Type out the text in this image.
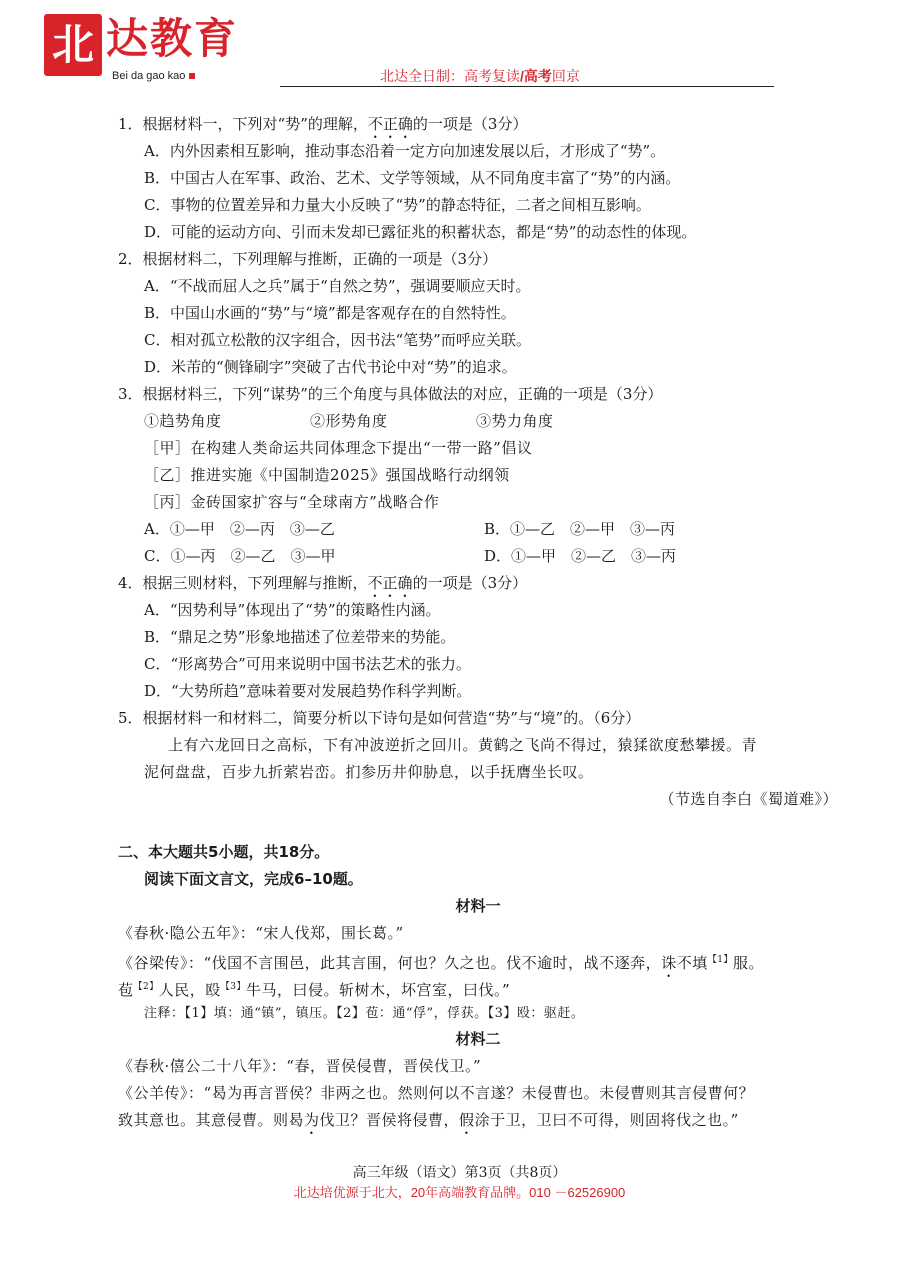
北 达教育
Bei da gao kao	北达全日制：高考复读/高考回京
1．根据材料一，下列对“势”的理解，不正确的一项是（3分）
A．内外因素相互影响，推动事态沿着一定方向加速发展以后，才形成了“势”。
B．中国古人在军事、政治、艺术、文学等领域，从不同角度丰富了“势”的内涵。
C．事物的位置差异和力量大小反映了“势”的静态特征，二者之间相互影响。
D．可能的运动方向、引而未发却已露征兆的积蓄状态，都是“势”的动态性的体现。
2．根据材料二，下列理解与推断，正确的一项是（3分）
A．“不战而屈人之兵”属于“自然之势”，强调要顺应天时。
B．中国山水画的“势”与“境”都是客观存在的自然特性。
C．相对孤立松散的汉字组合，因书法“笔势”而呼应关联。
D．米芾的“侧锋刷字”突破了古代书论中对“势”的追求。
3．根据材料三，下列“谋势”的三个角度与具体做法的对应，正确的一项是（3分）
①趋势角度	②形势角度	③势力角度
［甲］在构建人类命运共同体理念下提出“一带一路”倡议
［乙］推进实施《中国制造2025》强国战略行动纲领
［丙］金砖国家扩容与“全球南方”战略合作
A．①—甲　②—丙　③—乙	B．①—乙　②—甲　③—丙
C．①—丙　②—乙　③—甲	D．①—甲　②—乙　③—丙
4．根据三则材料，下列理解与推断，不正确的一项是（3分）
A．“因势利导”体现出了“势”的策略性内涵。
B．“鼎足之势”形象地描述了位差带来的势能。
C．“形离势合”可用来说明中国书法艺术的张力。
D．“大势所趋”意味着要对发展趋势作科学判断。
5．根据材料一和材料二，简要分析以下诗句是如何营造“势”与“境”的。（6分）
上有六龙回日之高标，下有冲波逆折之回川。黄鹤之飞尚不得过，猿猱欲度愁攀援。青
泥何盘盘，百步九折萦岩峦。扪参历井仰胁息，以手抚膺坐长叹。
（节选自李白《蜀道难》）
二、本大题共5小题，共18分。
阅读下面文言文，完成6–10题。
材料一
《春秋·隐公五年》：“宋人伐郑，围长葛。”
《谷梁传》：“伐国不言围邑，此其言围，何也？久之也。伐不逾时，战不逐奔，诛不填$^{【1】}$服。
苞$^{【2】}$人民，殴$^{【3】}$牛马，曰侵。斩树木，坏宫室，曰伐。”
注释：【1】填：通“镇”，镇压。【2】苞：通“俘”，俘获。【3】殴：驱赶。
材料二
《春秋·僖公二十八年》：“春，晋侯侵曹，晋侯伐卫。”
《公羊传》：“曷为再言晋侯？非两之也。然则何以不言遂？未侵曹也。未侵曹则其言侵曹何？
致其意也。其意侵曹。则曷为伐卫？晋侯将侵曹，假涂于卫，卫曰不可得，则固将伐之也。”
高三年级（语文）第3页（共8页）
北达培优源于北大，20年高端教育品牌。010 －62526900
